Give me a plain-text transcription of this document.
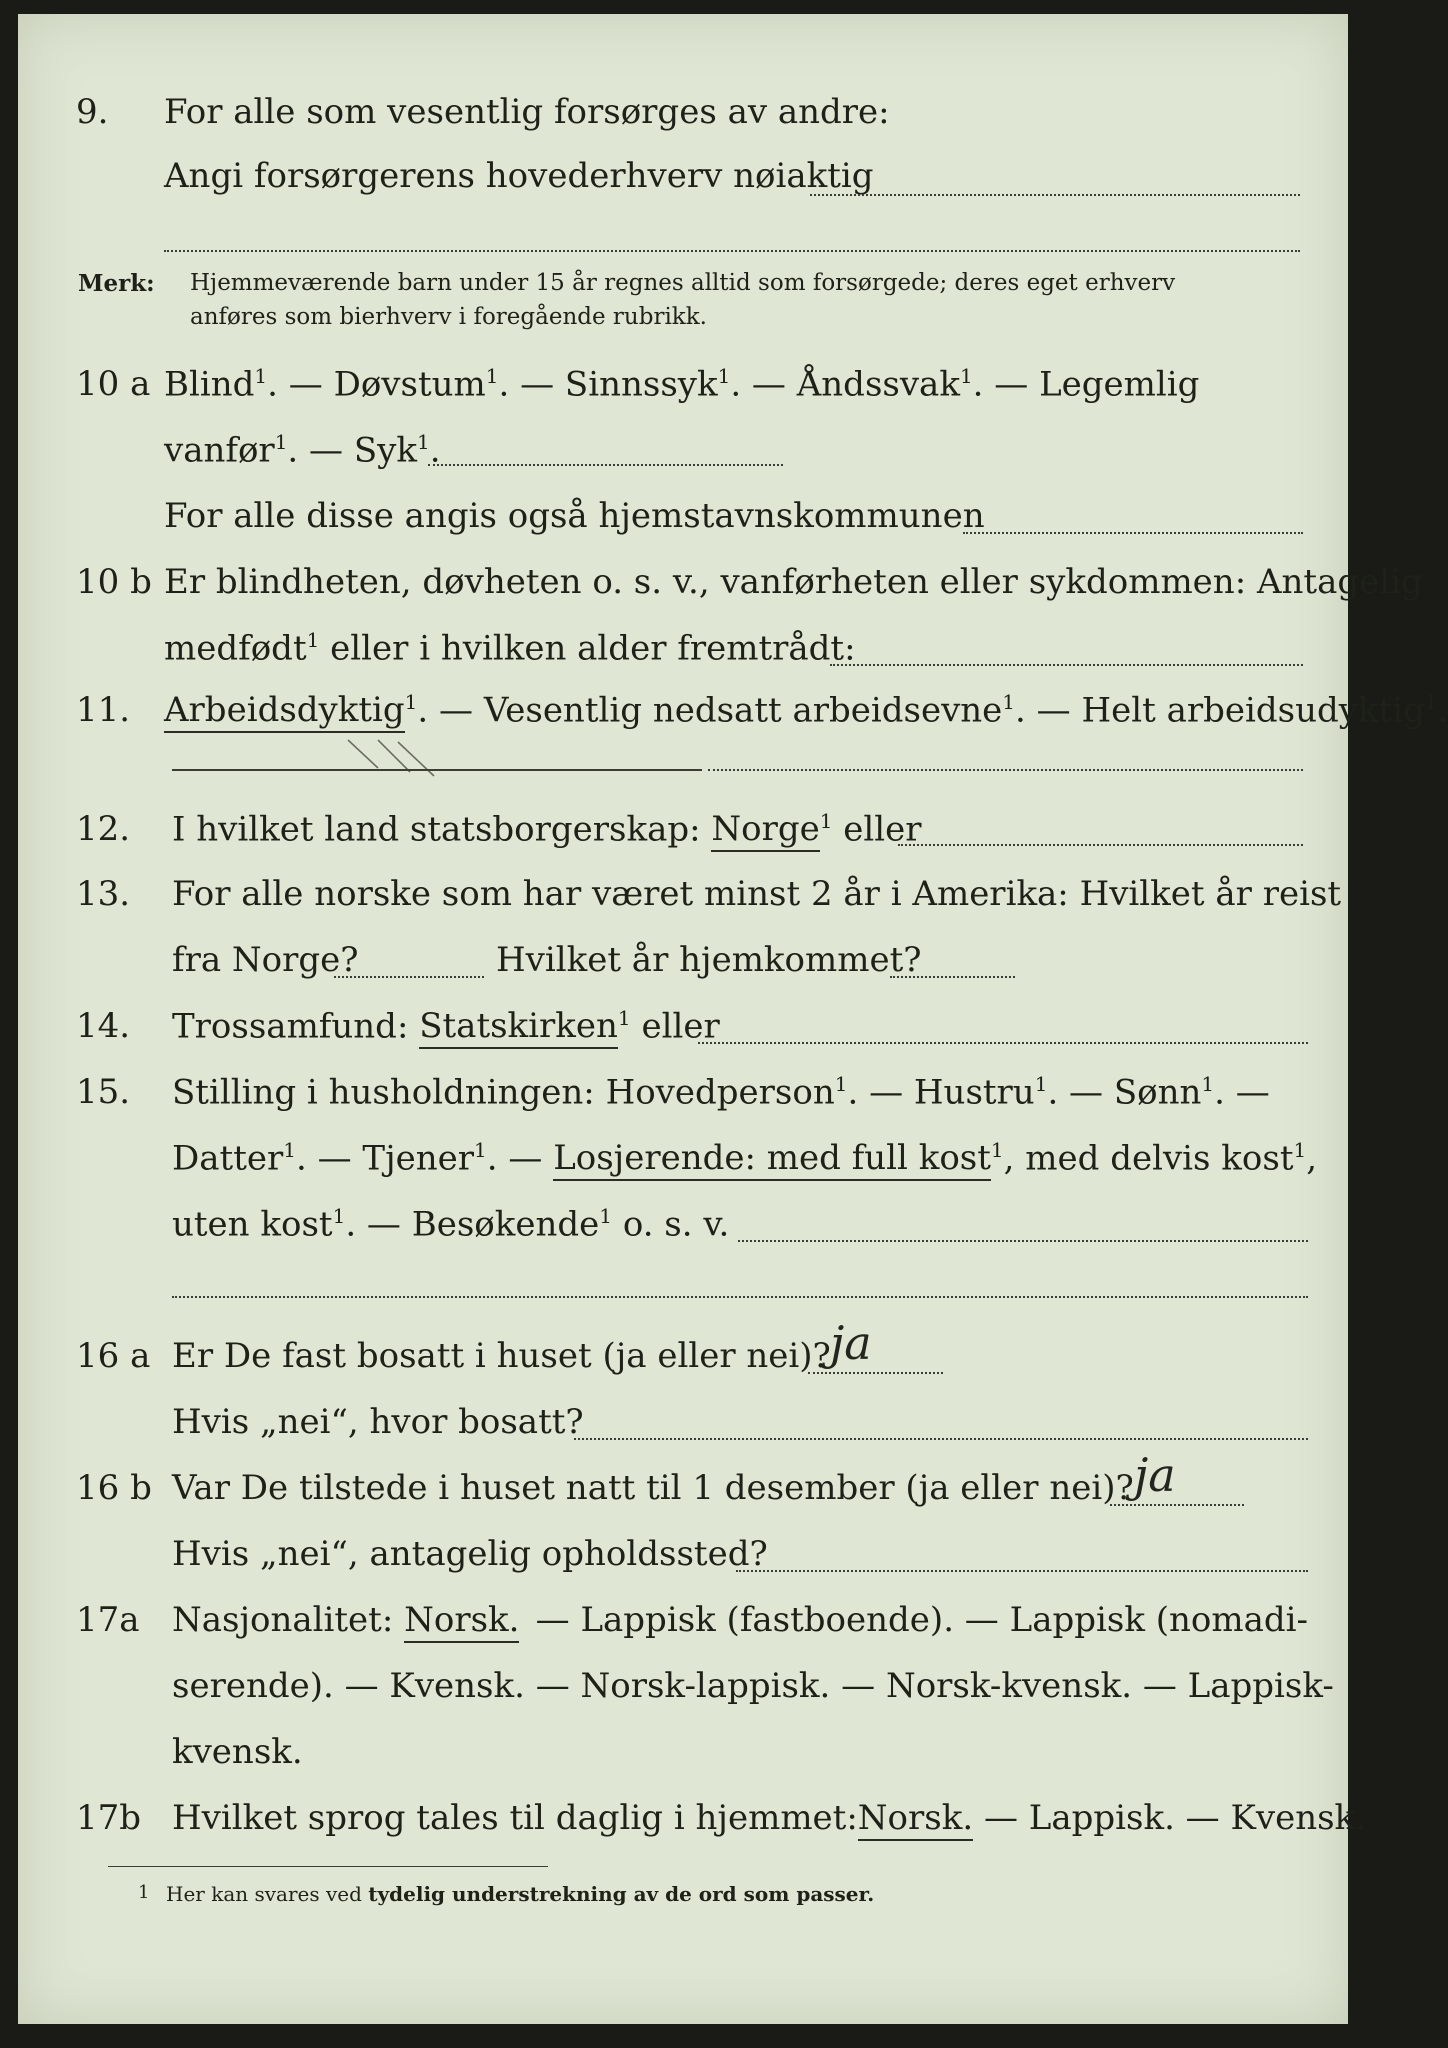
9. For alle som vesentlig forsørges av andre:
Angi forsørgerens hovederhverv nøiaktig
Merk: Hjemmeværende barn under 15 år regnes alltid som forsørgede; deres eget erhverv
anføres som bierhverv i foregående rubrikk.
10 a Blind$^1$. — Døvstum$^1$. — Sinnssyk$^1$. — Åndssvak$^1$. — Legemlig
vanfør$^1$. — Syk$^1$.
For alle disse angis også hjemstavnskommunen
10 b Er blindheten, døvheten o. s. v., vanførheten eller sykdommen: Antagelig
medfødt$^1$ eller i hvilken alder fremtrådt:
11. Arbeidsdyktig$^1$. — Vesentlig nedsatt arbeidsevne$^1$. — Helt arbeidsudyktig$^1$.
12. I hvilket land statsborgerskap: Norge$^1$ eller
13. For alle norske som har været minst 2 år i Amerika: Hvilket år reist
fra Norge?	Hvilket år hjemkommet?
14. Trossamfund: Statskirken$^1$ eller
15. Stilling i husholdningen: Hovedperson$^1$. — Hustru$^1$. — Sønn$^1$. —
Datter$^1$. — Tjener$^1$. — Losjerende: med full kost$^1$, med delvis kost$^1$,
uten kost$^1$. — Besøkende$^1$ o. s. v.
16 a Er De fast bosatt i huset (ja eller nei)? ja
Hvis „nei“, hvor bosatt?
16 b Var De tilstede i huset natt til 1 desember (ja eller nei)? ja
Hvis „nei“, antagelig opholdssted?
17a Nasjonalitet: Norsk. — Lappisk (fastboende). — Lappisk (nomadi-
serende). — Kvensk. — Norsk-lappisk. — Norsk-kvensk. — Lappisk-
kvensk.
17b Hvilket sprog tales til daglig i hjemmet: Norsk. — Lappisk. — Kvensk.
1 Her kan svares ved tydelig understrekning av de ord som passer.
